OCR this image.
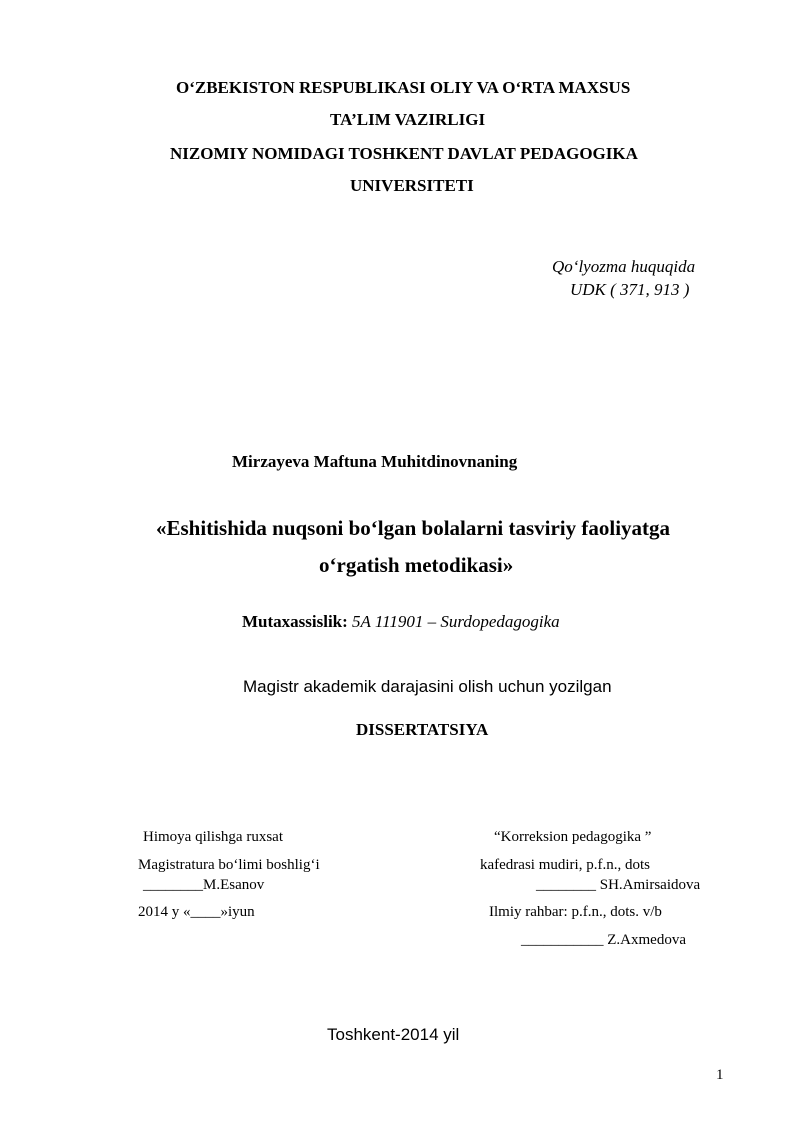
O‘ZBEKISTON RESPUBLIKASI OLIY VA O‘RTA MAXSUS
TA’LIM VAZIRLIGI
NIZOMIY NOMIDAGI TOSHKENT DAVLAT PEDAGOGIKA
UNIVERSITETI
Qo‘lyozma huquqida
UDK ( 371, 913 )
Mirzayeva Maftuna Muhitdinovnaning
«Eshitishida nuqsoni bo‘lgan bolalarni tasviriy faoliyatga
o‘rgatish metodikasi»
Mutaxassislik: 5A 111901 – Surdopedagogika
Magistr akademik darajasini olish uchun yozilgan
DISSERTATSIYA
Himoya qilishga ruxsat
Magistratura bo‘limi boshlig‘i
________M.Esanov
2014 y «____»iyun
“Korreksion pedagogika ”
kafedrasi mudiri, p.f.n., dots
________ SH.Amirsaidova
Ilmiy rahbar: p.f.n., dots. v/b
___________ Z.Axmedova
Toshkent-2014 yil
1
